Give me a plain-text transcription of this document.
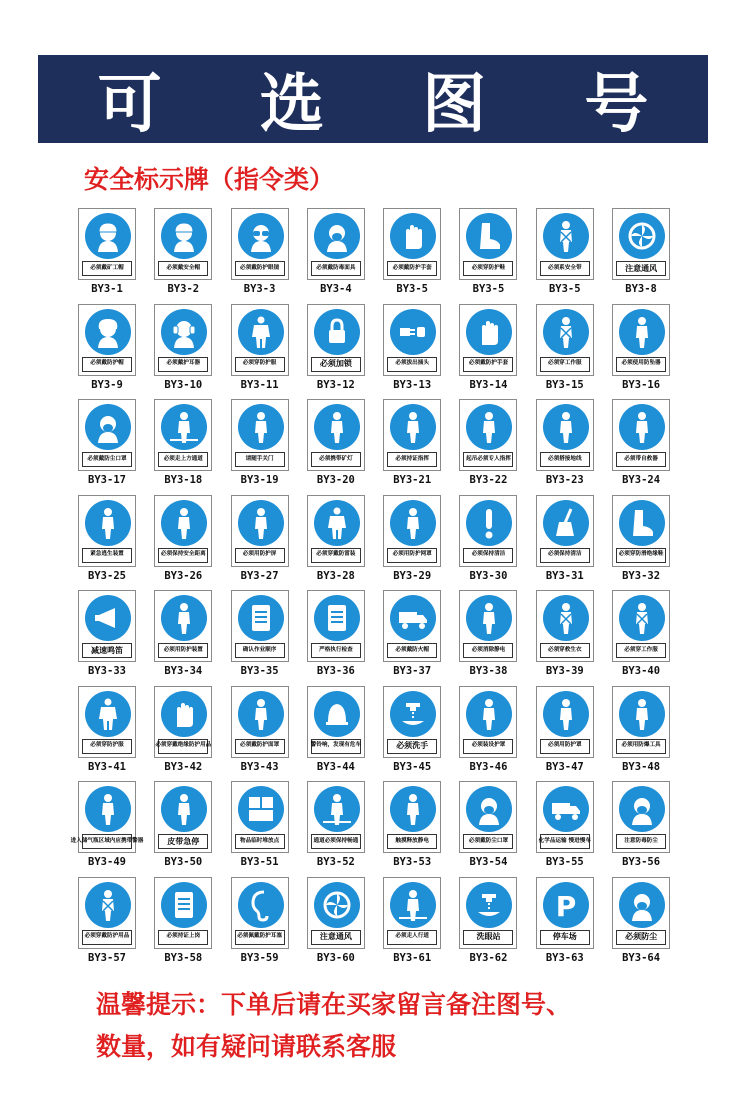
可 选 图 号
安全标示牌（指令类）
必须戴矿工帽
BY3-1
必须戴安全帽
BY3-2
必须戴防护眼镜
BY3-3
必须戴防毒面具
BY3-4
必须戴防护手套
BY3-5
必须穿防护鞋
BY3-5
必须系安全带
BY3-5
注意通风
BY3-8
必须戴防护帽
BY3-9
必须戴护耳器
BY3-10
必须穿防护服
BY3-11
必须加锁
BY3-12
必须拔出插头
BY3-13
必须戴防护手套
BY3-14
必须穿工作服
BY3-15
必须使用防坠器
BY3-16
必须戴防尘口罩
BY3-17
必须走上方通道
BY3-18
请随手关门
BY3-19
必须携带矿灯
BY3-20
必须持证指挥
BY3-21
起吊必须专人指挥
BY3-22
必须搭接地线
BY3-23
必须带自救器
BY3-24
紧急逃生装置
BY3-25
必须保持安全距离
BY3-26
必须用防护屏
BY3-27
必须穿戴防雷装
BY3-28
必须用防护网罩
BY3-29
必须保持清洁
BY3-30
必须保持清洁
BY3-31
必须穿防滑绝缘鞋
BY3-32
减速鸣笛
BY3-33
必须用防护装置
BY3-34
确认作业顺序
BY3-35
严格执行检查
BY3-36
必须戴防火帽
BY3-37
必须消除静电
BY3-38
必须穿救生衣
BY3-39
必须穿工作服
BY3-40
必须穿防护服
BY3-41
必须穿戴绝缘防护用品
BY3-42
必须戴防护面罩
BY3-43
警铃响，发现有危车
BY3-44
必须洗手
BY3-45
必须装设护罩
BY3-46
必须用防护罩
BY3-47
必须用防爆工具
BY3-48
进入储气瓶区域内应携带警器
BY3-49
皮带急停
BY3-50
物品临时堆放点
BY3-51
通道必须保持畅通
BY3-52
触摸释放静电
BY3-53
必须戴防尘口罩
BY3-54
化学品运输 慢进慢车
BY3-55
注意防毒防尘
BY3-56
必须穿戴防护用品
BY3-57
必须持证上岗
BY3-58
必须佩戴防护耳塞
BY3-59
注意通风
BY3-60
必须走人行道
BY3-61
洗眼站
BY3-62
P
停车场
BY3-63
必须防尘
BY3-64
温馨提示：下单后请在买家留言备注图号、
数量，如有疑问请联系客服
